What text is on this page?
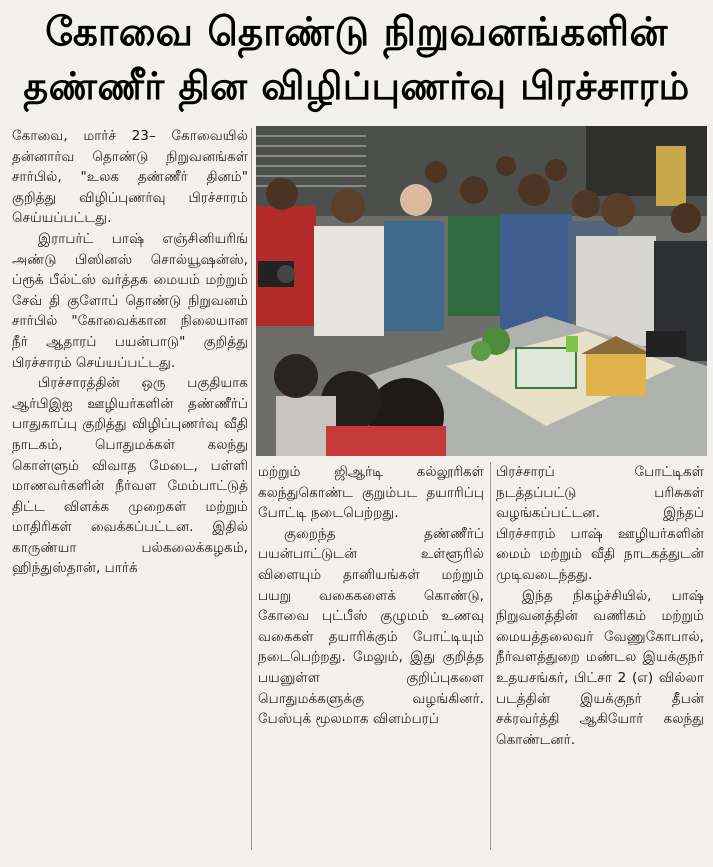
கோவை தொண்டு நிறுவனங்களின்
தண்ணீர் தின விழிப்புணர்வு பிரச்சாரம்

கோவை, மார்ச் 23– கோவையில் தன்னார்வ தொண்டு நிறுவனங்கள் சார்பில், "உலக தண்ணீர் தினம்" குறித்து விழிப்புணர்வு பிரச்சாரம் செய்யப்பட்டது.

இராபர்ட் பாஷ் எஞ்சினியரிங் அண்டு பிஸினஸ் சொல்யூஷன்ஸ், ப்ரூக் பீல்ட்ஸ் வர்த்தக மையம் மற்றும் சேவ் தி குளோப் தொண்டு நிறுவனம் சார்பில் "கோவைக்கான நிலையான நீர் ஆதாரப் பயன்பாடு" குறித்து பிரச்சாரம் செய்யப்பட்டது.

பிரச்சாரத்தின் ஒரு பகுதியாக ஆர்பிஇஐ ஊழியர்களின் தண்ணீர்ப் பாதுகாப்பு குறித்து விழிப்புணர்வு வீதி நாடகம், பொதுமக்கள் கலந்து கொள்ளும் விவாத மேடை, பள்ளி மாணவர்களின் நீர்வள மேம்பாட்டுத் திட்ட விளக்க முறைகள் மற்றும் மாதிரிகள் வைக்கப்பட்டன. இதில் காருண்யா பல்கலைக்கழகம், ஹிந்துஸ்தான், பார்க்

மற்றும் ஜிஆர்டி கல்லூரிகள் கலந்துகொண்ட குறும்பட தயாரிப்பு போட்டி நடைபெற்றது.

குறைந்த தண்ணீர்ப் பயன்பாட்டுடன் உள்ளூரில் விளையும் தானியங்கள் மற்றும் பயறு வகைகளைக் கொண்டு, கோவை புட்பீஸ் குழுமம் உணவு வகைகள் தயாரிக்கும் போட்டியும் நடைபெற்றது. மேலும், இது குறித்த பயனுள்ள குறிப்புகளை பொதுமக்களுக்கு வழங்கினர். பேஸ்புக் மூலமாக விளம்பரப்

பிரச்சாரப் போட்டிகள் நடத்தப்பட்டு பரிசுகள் வழங்கப்பட்டன. இந்தப் பிரச்சாரம் பாஷ் ஊழியர்களின் மைம் மற்றும் வீதி நாடகத்துடன் முடிவடைந்தது.

இந்த நிகழ்ச்சியில், பாஷ் நிறுவனத்தின் வணிகம் மற்றும் மையத்தலைவர் வேணுகோபால், நீர்வளத்துறை மண்டல இயக்குநர் உதயசங்கர், பிட்சா 2 (எ) வில்லா படத்தின் இயக்குநர் தீபன் சக்ரவர்த்தி ஆகியோர் கலந்து கொண்டனர்.
